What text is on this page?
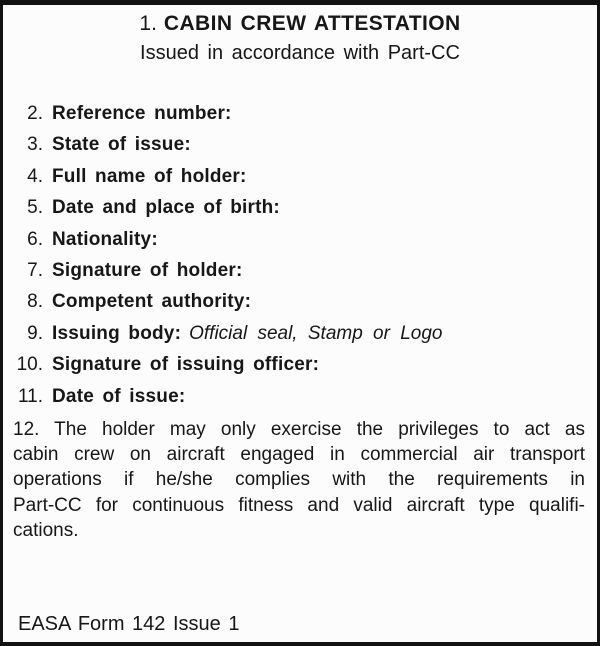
1. CABIN CREW ATTESTATION
Issued in accordance with Part-CC
2. Reference number:
3. State of issue:
4. Full name of holder:
5. Date and place of birth:
6. Nationality:
7. Signature of holder:
8. Competent authority:
9. Issuing body: Official seal, Stamp or Logo
10. Signature of issuing officer:
11. Date of issue:
12. The holder may only exercise the privileges to act as
cabin crew on aircraft engaged in commercial air transport
operations if he/she complies with the requirements in
Part-CC for continuous fitness and valid aircraft type qualifi-
cations.
EASA Form 142 Issue 1
